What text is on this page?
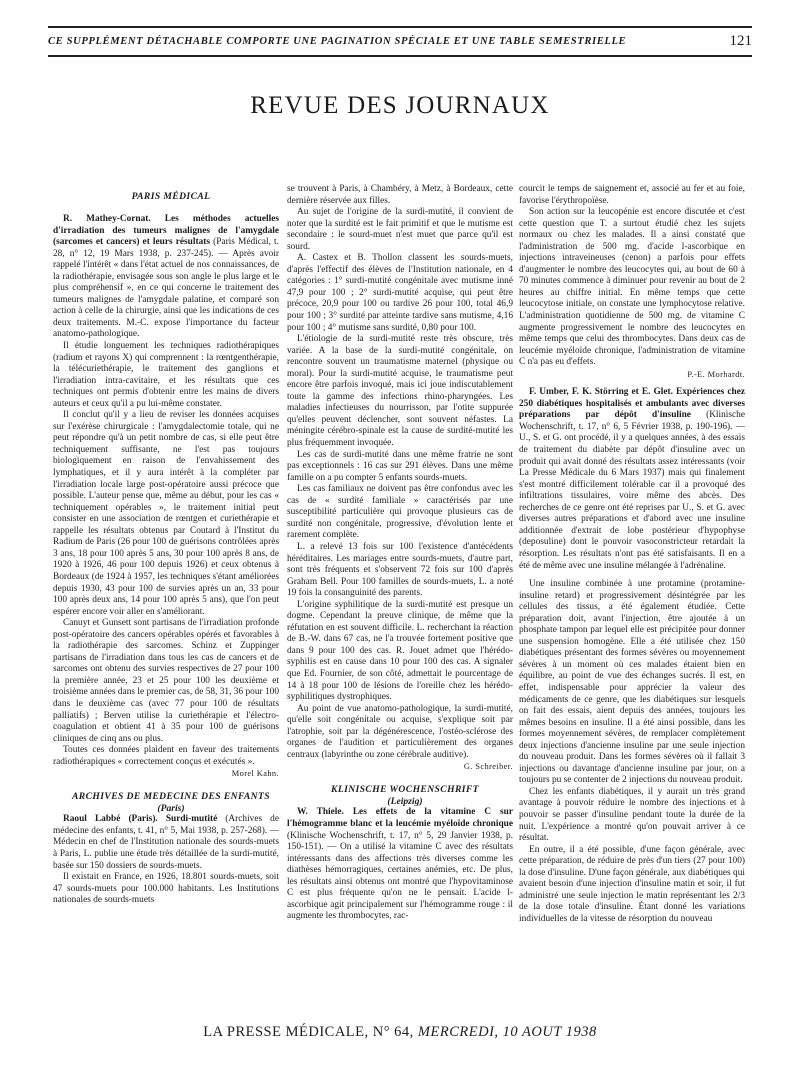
CE SUPPLÉMENT DÉTACHABLE COMPORTE UNE PAGINATION SPÉCIALE ET UNE TABLE SEMESTRIELLE	121
REVUE DES JOURNAUX

PARIS MÉDICAL

R. Mathey-Cornat. Les méthodes actuelles d'irradiation des tumeurs malignes de l'amygdale (sarcomes et cancers) et leurs résultats (Paris Médical, t. 28, n° 12, 19 Mars 1938, p. 237-245). — Après avoir rappelé l'intérêt « dans l'état actuel de nos connaissances, de la radiothérapie, envisagée sous son angle le plus large et le plus compréhensif », en ce qui concerne le traitement des tumeurs malignes de l'amygdale palatine, et comparé son action à celle de la chirurgie, ainsi que les indications de ces deux traitements. M.-C. expose l'importance du facteur anatomo-pathologique.

Il étudie longuement les techniques radiothérapiques (radium et rayons X) qui comprennent : la rœntgenthérapie, la télécuriethérapie, le traitement des ganglions et l'irradiation intra-cavitaire, et les résultats que ces techniques ont permis d'obtenir entre les mains de divers auteurs et ceux qu'il a pu lui-même constater.

Il conclut qu'il y a lieu de reviser les données acquises sur l'exérèse chirurgicale : l'amygdalectomie totale, qui ne peut répondre qu'à un petit nombre de cas, si elle peut être techniquement suffisante, ne l'est pas toujours biologiquement en raison de l'envahissement des lymphatiques, et il y aura intérêt à la compléter par l'irradiation locale large post-opératoire aussi précoce que possible. L'auteur pense que, même au début, pour les cas « techniquement opérables », le traitement initial peut consister en une association de rœntgen et curiethérapie et rappelle les résultats obtenus par Coutard à l'Institut du Radium de Paris (26 pour 100 de guérisons contrôlées après 3 ans, 18 pour 100 après 5 ans, 30 pour 100 après 8 ans, de 1920 à 1926, 46 pour 100 depuis 1926) et ceux obtenus à Bordeaux (de 1924 à 1957, les techniques s'étant améliorées depuis 1930, 43 pour 100 de survies après un an, 33 pour 100 après deux ans, 14 pour 100 après 5 ans), que l'on peut espérer encore voir aller en s'améliorant.

Canuyt et Gunsett sont partisans de l'irradiation profonde post-opératoire des cancers opérables opérés et favorables à la radiothérapie des sarcomes. Schinz et Zuppinger partisans de l'irradiation dans tous les cas de cancers et de sarcomes ont obtenu des survies respectives de 27 pour 100 la première année, 23 et 25 pour 100 les deuxième et troisième années dans le premier cas, de 58, 31, 36 pour 100 dans le deuxième cas (avec 77 pour 100 de résultats palliatifs) ; Berven utilise la curiethérapie et l'électro-coagulation et obtient 41 à 35 pour 100 de guérisons cliniques de cinq ans ou plus.

Toutes ces données plaident en faveur des traitements radiothérapiques « correctement conçus et exécutés ».

Morel Kahn.

ARCHIVES DE MEDECINE DES ENFANTS

(Paris)

Raoul Labbé (Paris). Surdi-mutité (Archives de médecine des enfants, t. 41, n° 5, Mai 1938, p. 257-268). — Médecin en chef de l'Institution nationale des sourds-muets à Paris, L. publie une étude très détaillée de la surdi-mutité, basée sur 150 dossiers de sourds-muets.

Il existait en France, en 1926, 18.801 sourds-muets, soit 47 sourds-muets pour 100.000 habitants. Les Institutions nationales de sourds-muets

se trouvent à Paris, à Chambéry, à Metz, à Bordeaux, cette dernière réservée aux filles.

Au sujet de l'origine de la surdi-mutité, il convient de noter que la surdité est le fait primitif et que le mutisme est secondaire : le sourd-muet n'est muet que parce qu'il est sourd.

A. Castex et B. Thollon classent les sourds-muets, d'après l'effectif des élèves de l'Institution nationale, en 4 catégories : 1° surdi-mutité congénitale avec mutisme inné 47,9 pour 100 ; 2° surdi-mutité acquise, qui peut être précoce, 20,9 pour 100 ou tardive 26 pour 100, total 46,9 pour 100 ; 3° surdité par atteinte tardive sans mutisme, 4,16 pour 100 ; 4° mutisme sans surdité, 0,80 pour 100.

L'étiologie de la surdi-mutité reste très obscure, très variée. A la base de la surdi-mutité congénitale, on rencontre souvent un traumatisme maternel (physique ou moral). Pour la surdi-mutité acquise, le traumatisme peut encore être parfois invoqué, mais ici joue indiscutablement toute la gamme des infections rhino-pharyngées. Les maladies infectieuses du nourrisson, par l'otite suppurée qu'elles peuvent déclencher, sont souvent néfastes. La méningite cérébro-spinale est la cause de surdité-mutité les plus fréquemment invoquée.

Les cas de surdi-mutité dans une même fratrie ne sont pas exceptionnels : 16 cas sur 291 élèves. Dans une même famille on a pu compter 5 enfants sourds-muets.

Les cas familiaux ne doivent pas être confondus avec les cas de « surdité familiale » caractérisés par une susceptibilité particulière qui provoque plusieurs cas de surdité non congénitale, progressive, d'évolution lente et rarement complète.

L. a relevé 13 fois sur 100 l'existence d'antécédents héréditaires. Les mariages entre sourds-muets, d'autre part, sont très fréquents et s'observent 72 fois sur 100 d'après Graham Bell. Pour 100 familles de sourds-muets, L. a noté 19 fois la consanguinité des parents.

L'origine syphilitique de la surdi-mutité est presque un dogme. Cependant la preuve clinique, de même que la réfutation en est souvent difficile. L. recherchant la réaction de B.-W. dans 67 cas, ne l'a trouvée fortement positive que dans 9 pour 100 des cas. R. Jouet admet que l'hérédo-syphilis est en cause dans 10 pour 100 des cas. A signaler que Ed. Fournier, de son côté, admettait le pourcentage de 14 à 18 pour 100 de lésions de l'oreille chez les hérédo-syphilitiques dystrophiques.

Au point de vue anatomo-pathologique, la surdi-mutité, qu'elle soit congénitale ou acquise, s'explique soit par l'atrophie, soit par la dégénérescence, l'ostéo-sclérose des organes de l'audition et particulièrement des organes centraux (labyrinthe ou zone cérébrale auditive).

G. Schreiber.

KLINISCHE WOCHENSCHRIFT

(Leipzig)

W. Thiele. Les effets de la vitamine C sur l'hémogramme blanc et la leucémie myéloïde chronique (Klinische Wochenschrift, t. 17, n° 5, 29 Janvier 1938, p. 150-151). — On a utilisé la vitamine C avec des résultats intéressants dans des affections très diverses comme les diathèses hémorragiques, certaines anémies, etc. De plus, les résultats ainsi obtenus ont montré que l'hypovitaminose C est plus fréquente qu'on ne le pensait. L'acide l-ascorbique agit principalement sur l'hémogramme rouge : il augmente les thrombocytes, rac-

courcit le temps de saignement et, associé au fer et au foie, favorise l'érythropoïèse.

Son action sur la leucopénie est encore discutée et c'est cette question que T. a surtout étudié chez les sujets normaux ou chez les malades. Il a ainsi constaté que l'administration de 500 mg. d'acide l-ascorbique en injections intraveineuses (cenon) a parfois pour effets d'augmenter le nombre des leucocytes qui, au bout de 60 à 70 minutes commence à diminuer pour revenir au bout de 2 heures au chiffre initial. En même temps que cette leucocytose initiale, on constate une lymphocytose relative. L'administration quotidienne de 500 mg. de vitamine C augmente progressivement le nombre des leucocytes en même temps que celui des thrombocytes. Dans deux cas de leucémie myéloïde chronique, l'administration de vitamine C n'a pas eu d'effets.

P.-E. Morhardt.

F. Umber, F. K. Störring et E. Glet. Expériences chez 250 diabétiques hospitalisés et ambulants avec diverses préparations par dépôt d'insuline (Klinische Wochenschrift, t. 17, n° 6, 5 Février 1938, p. 190-196). — U., S. et G. ont procédé, il y a quelques années, à des essais de traitement du diabète par dépôt d'insuline avec un produit qui avait donné des résultats assez intéressants (voir La Presse Médicale du 6 Mars 1937) mais qui finalement s'est montré difficilement tolérable car il a provoqué des infiltrations tissulaires, voire même des abcès. Des recherches de ce genre ont été reprises par U., S. et G. avec diverses autres préparations et d'abord avec une insuline additionnée d'extrait de lobe postérieur d'hypophyse (deposuline) dont le pouvoir vasoconstricteur retardait la résorption. Les résultats n'ont pas été satisfaisants. Il en a été de même avec une insuline mélangée à l'adrénaline.

Une insuline combinée à une protamine (protamine-insuline retard) et progressivement désintégrée par les cellules des tissus, a été également étudiée. Cette préparation doit, avant l'injection, être ajoutée à un phosphate tampon par lequel elle est précipitée pour donner une suspension homogène. Elle a été utilisée chez 150 diabétiques présentant des formes sévères ou moyennement sévères à un moment où ces malades étaient bien en équilibre, au point de vue des échanges sucrés. Il est, en effet, indispensable pour apprécier la valeur des médicaments de ce genre, que les diabétiques sur lesquels on fait des essais, aient depuis des années, toujours les mêmes besoins en insuline. Il a été ainsi possible, dans les formes moyennement sévères, de remplacer complètement deux injections d'ancienne insuline par une seule injection du nouveau produit. Dans les formes sévères où il fallait 3 injections ou davantage d'ancienne insuline par jour, on a toujours pu se contenter de 2 injections du nouveau produit.

Chez les enfants diabétiques, il y aurait un très grand avantage à pouvoir réduire le nombre des injections et à pouvoir se passer d'insuline pendant toute la durée de la nuit. L'expérience a montré qu'on pouvait arriver à ce résultat.

En outre, il a été possible, d'une façon générale, avec cette préparation, de réduire de près d'un tiers (27 pour 100) la dose d'insuline. D'une façon générale, aux diabétiques qui avaient besoin d'une injection d'insuline matin et soir, il fut administré une seule injection le matin représentant les 2/3 de la dose totale d'insuline. Étant donné les variations individuelles de la vitesse de résorption du nouveau

LA PRESSE MÉDICALE, N° 64, MERCREDI, 10 AOUT 1938
